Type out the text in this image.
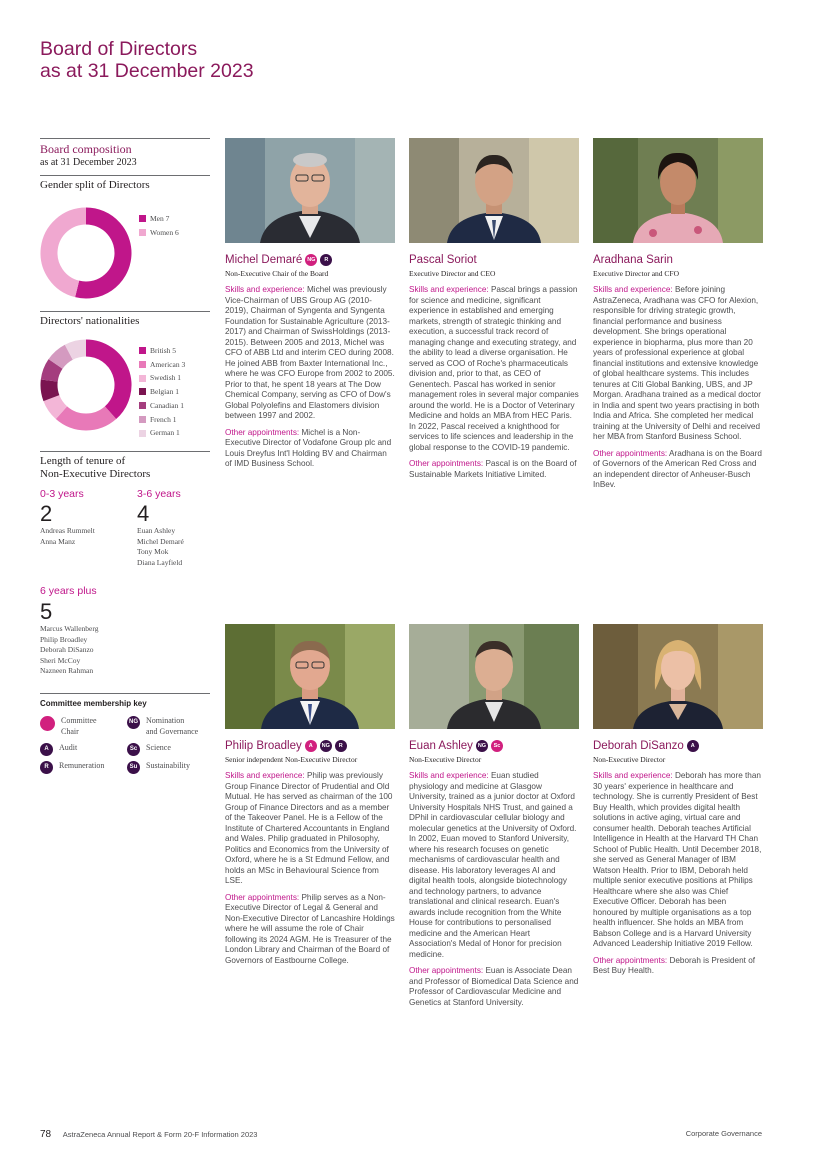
Board of Directors
as at 31 December 2023
Board composition
as at 31 December 2023
Gender split of Directors
Men 7
Women 6
Directors' nationalities
British 5
American 3
Swedish 1
Belgian 1
Canadian 1
French 1
German 1
Length of tenure of
Non-Executive Directors
0-3 years
2
Andreas Rummelt
Anna Manz
3-6 years
4
Euan Ashley
Michel Demaré
Tony Mok
Diana Layfield
6 years plus
5
Marcus Wallenberg
Philip Broadley
Deborah DiSanzo
Sheri McCoy
Nazneen Rahman
Committee membership key
Committee
Chair
NG Nomination
and Governance
A	Audit	Sc	Science
R	Remuneration	Su	Sustainability
Michel Demaré NG	R
Non-Executive Chair of the Board

Skills and experience: Michel was previously Vice-Chairman of UBS Group AG (2010-2019), Chairman of Syngenta and Syngenta Foundation for Sustainable Agriculture (2013-2017) and Chairman of SwissHoldings (2013-2015). Between 2005 and 2013, Michel was CFO of ABB Ltd and interim CEO during 2008. He joined ABB from Baxter International Inc., where he was CFO Europe from 2002 to 2005. Prior to that, he spent 18 years at The Dow Chemical Company, serving as CFO of Dow's Global Polyolefins and Elastomers division between 1997 and 2002.

Other appointments: Michel is a Non-Executive Director of Vodafone Group plc and Louis Dreyfus Int'l Holding BV and Chairman of IMD Business School.

Pascal Soriot
Executive Director and CEO

Skills and experience: Pascal brings a passion for science and medicine, significant experience in established and emerging markets, strength of strategic thinking and execution, a successful track record of managing change and executing strategy, and the ability to lead a diverse organisation. He served as COO of Roche's pharmaceuticals division and, prior to that, as CEO of Genentech. Pascal has worked in senior management roles in several major companies around the world. He is a Doctor of Veterinary Medicine and holds an MBA from HEC Paris. In 2022, Pascal received a knighthood for services to life sciences and leadership in the global response to the COVID-19 pandemic.

Other appointments: Pascal is on the Board of Sustainable Markets Initiative Limited.

Aradhana Sarin
Executive Director and CFO

Skills and experience: Before joining AstraZeneca, Aradhana was CFO for Alexion, responsible for driving strategic growth, financial performance and business development. She brings operational experience in biopharma, plus more than 20 years of professional experience at global financial institutions and extensive knowledge of global healthcare systems. This includes tenures at Citi Global Banking, UBS, and JP Morgan. Aradhana trained as a medical doctor in India and spent two years practising in both India and Africa. She completed her medical training at the University of Delhi and received her MBA from Stanford Business School.

Other appointments: Aradhana is on the Board of Governors of the American Red Cross and an independent director of Anheuser-Busch InBev.

Philip Broadley	A	NG	R
Senior independent Non-Executive Director

Skills and experience: Philip was previously Group Finance Director of Prudential and Old Mutual. He has served as chairman of the 100 Group of Finance Directors and as a member of the Takeover Panel. He is a Fellow of the Institute of Chartered Accountants in England and Wales. Philip graduated in Philosophy, Politics and Economics from the University of Oxford, where he is a St Edmund Fellow, and holds an MSc in Behavioural Science from LSE.

Other appointments: Philip serves as a Non-Executive Director of Legal & General and Non-Executive Director of Lancashire Holdings where he will assume the role of Chair following its 2024 AGM. He is Treasurer of the London Library and Chairman of the Board of Governors of Eastbourne College.

Euan Ashley NG	Sc
Non-Executive Director

Skills and experience: Euan studied physiology and medicine at Glasgow University, trained as a junior doctor at Oxford University Hospitals NHS Trust, and gained a DPhil in cardiovascular cellular biology and molecular genetics at the University of Oxford. In 2002, Euan moved to Stanford University, where his research focuses on genetic mechanisms of cardiovascular health and disease. His laboratory leverages AI and digital health tools, alongside biotechnology and technology partners, to advance translational and clinical research. Euan's awards include recognition from the White House for contributions to personalised medicine and the American Heart Association's Medal of Honor for precision medicine.

Other appointments: Euan is Associate Dean and Professor of Biomedical Data Science and Professor of Cardiovascular Medicine and Genetics at Stanford University.

Deborah DiSanzo	A
Non-Executive Director

Skills and experience: Deborah has more than 30 years' experience in healthcare and technology. She is currently President of Best Buy Health, which provides digital health solutions in active aging, virtual care and consumer health. Deborah teaches Artificial Intelligence in Health at the Harvard TH Chan School of Public Health. Until December 2018, she served as General Manager of IBM Watson Health. Prior to IBM, Deborah held multiple senior executive positions at Philips Healthcare where she also was Chief Executive Officer. Deborah has been honoured by multiple organisations as a top health influencer. She holds an MBA from Babson College and is a Harvard University Advanced Leadership Initiative 2019 Fellow.

Other appointments: Deborah is President of Best Buy Health.

78 AstraZeneca Annual Report & Form 20-F Information 2023	Corporate Governance
